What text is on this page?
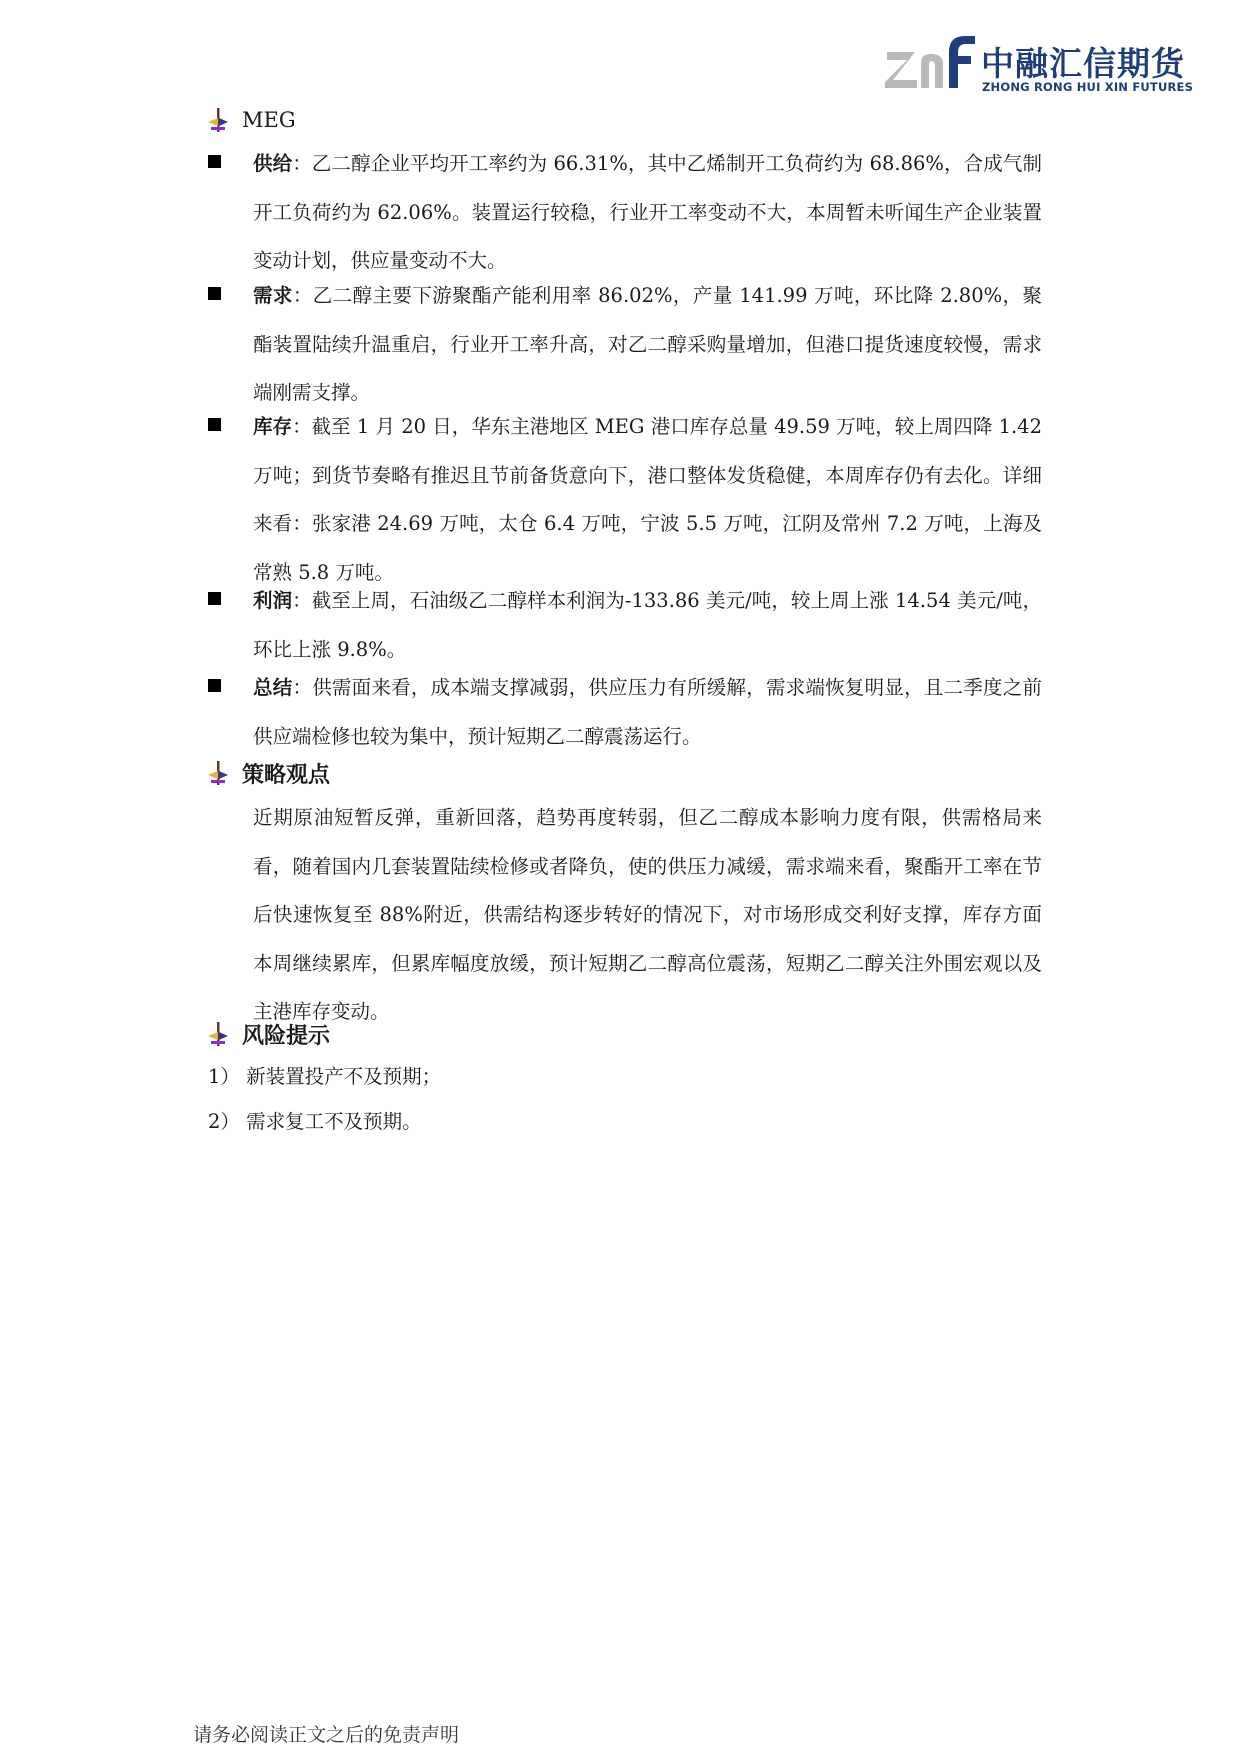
中融汇信期货
ZHONG RONG HUI XIN FUTURES
MEG
供给：乙二醇企业平均开工率约为 66.31%，其中乙烯制开工负荷约为 68.86%，合成气制开工负荷约为 62.06%。装置运行较稳，行业开工率变动不大，本周暂未听闻生产企业装置变动计划，供应量变动不大。
需求：乙二醇主要下游聚酯产能利用率 86.02%，产量 141.99 万吨，环比降 2.80%，聚酯装置陆续升温重启，行业开工率升高，对乙二醇采购量增加，但港口提货速度较慢，需求端刚需支撑。
库存：截至 1 月 20 日，华东主港地区 MEG 港口库存总量 49.59 万吨，较上周四降 1.42 万吨；到货节奏略有推迟且节前备货意向下，港口整体发货稳健，本周库存仍有去化。详细来看：张家港 24.69 万吨，太仓 6.4 万吨，宁波 5.5 万吨，江阴及常州 7.2 万吨，上海及常熟 5.8 万吨。
利润：截至上周，石油级乙二醇样本利润为-133.86 美元/吨，较上周上涨 14.54 美元/吨，环比上涨 9.8%。
总结：供需面来看，成本端支撑减弱，供应压力有所缓解，需求端恢复明显，且二季度之前供应端检修也较为集中，预计短期乙二醇震荡运行。
策略观点
近期原油短暂反弹，重新回落，趋势再度转弱，但乙二醇成本影响力度有限，供需格局来看，随着国内几套装置陆续检修或者降负，使的供压力减缓，需求端来看，聚酯开工率在节后快速恢复至 88%附近，供需结构逐步转好的情况下，对市场形成交利好支撑，库存方面本周继续累库，但累库幅度放缓，预计短期乙二醇高位震荡，短期乙二醇关注外围宏观以及主港库存变动。
风险提示
1） 新装置投产不及预期；
2） 需求复工不及预期。
请务必阅读正文之后的免责声明
